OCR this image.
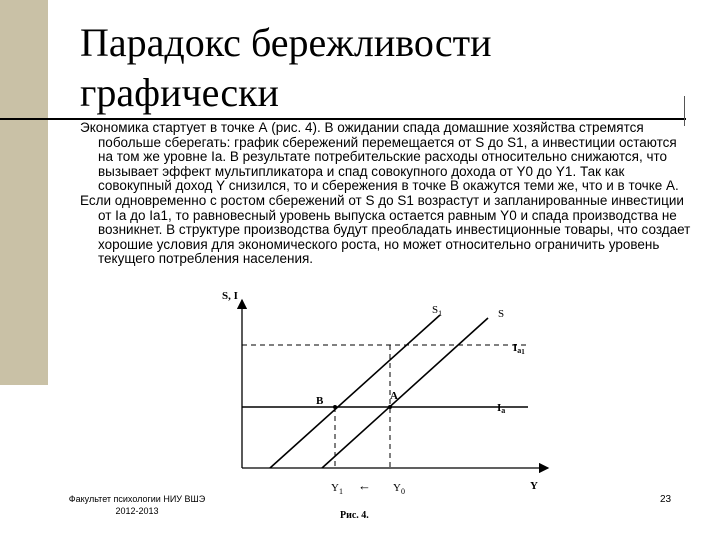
Парадокс бережливости
графически

Экономика стартует в точке А (рис. 4). В ожидании спада домашние хозяйства стремятся побольше сберегать: график сбережений перемещается от S до S1, а инвестиции остаются на том же уровне Ia. В результате потребительские расходы относительно снижаются, что вызывает эффект мультипликатора и спад совокупного дохода от Y0 до Y1. Так как совокупный доход Y снизился, то и сбережения в точке В окажутся теми же, что и в точке А.

Если одновременно с ростом сбережений от S до S1 возрастут и запланированные инвестиции от Ia до Ia1, то равновесный уровень выпуска остается равным Y0 и спада производства не возникнет. В структуре производства будут преобладать инвестиционные товары, что создает хорошие условия для экономического роста, но может относительно ограничить уровень текущего потребления населения.

S, I
$S_1$	S
Ia1
Ia
B	A
$Y_1$ ← $Y_0$	Y
Рис. 4.
Факультет психологии НИУ ВШЭ
2012-2013
23
